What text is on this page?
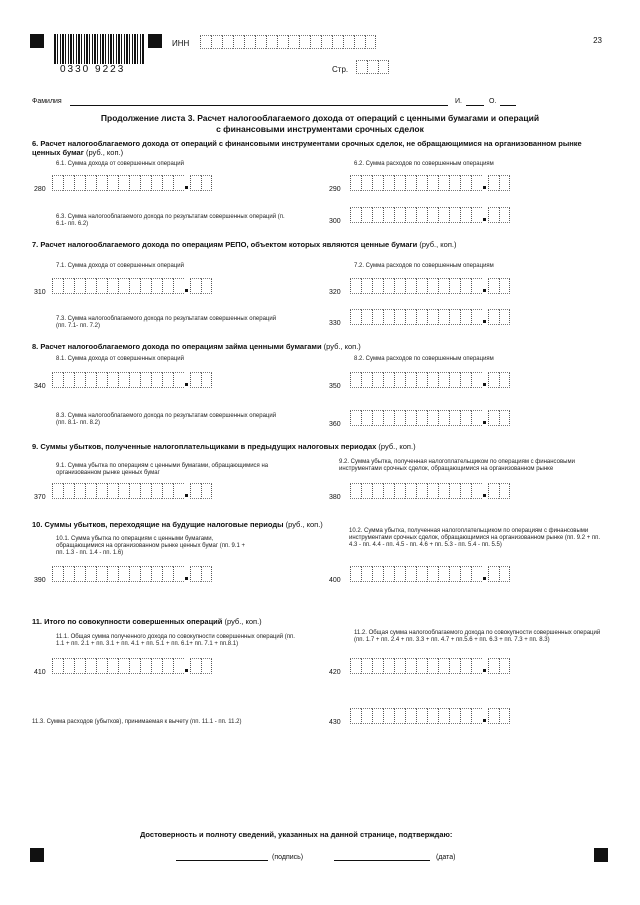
0330 9223
ИНН
Стр.
23
Фамилия	И.	О.
Продолжение листа 3. Расчет налогооблагаемого дохода от операций с ценными бумагами и операций с финансовыми инструментами срочных сделок
6. Расчет налогооблагаемого дохода от операций с финансовыми инструментами срочных сделок, не обращающимися на организованном рынке ценных бумаг (руб., коп.)
6.1. Сумма дохода от совершенных операций	6.2. Сумма расходов по совершенным операциям
280	290
6.3. Сумма налогооблагаемого дохода по результатам совершенных операций (п. 6.1- пп. 6.2)	300
7. Расчет налогооблагаемого дохода по операциям РЕПО, объектом которых являются ценные бумаги (руб., коп.)
7.1. Сумма дохода от совершенных операций	7.2. Сумма расходов по совершенным операциям
310	320
7.3. Сумма налогооблагаемого дохода по результатам совершенных операций (пп. 7.1- пп. 7.2)	330
8. Расчет налогооблагаемого дохода по операциям займа ценными бумагами (руб., коп.)
8.1. Сумма дохода от совершенных операций	8.2. Сумма расходов по совершенным операциям
340	350
8.3. Сумма налогооблагаемого дохода по результатам совершенных операций (пп. 8.1- пп. 8.2)	360
9. Суммы убытков, полученные налогоплательщиками в предыдущих налоговых периодах (руб., коп.)
9.1. Сумма убытка по операциям с ценными бумагами, обращающимися на организованном рынке ценных бумаг
9.2. Сумма убытка, полученная налогоплательщиком по операциям с финансовыми инструментами срочных сделок, обращающимися на организованном рынке
370	380
10. Суммы убытков, переходящие на будущие налоговые периоды (руб., коп.)
10.1. Сумма убытка по операциям с ценными бумагами, обращающимися на организованном рынке ценных бумаг (пп. 9.1 + пп. 1.3 - пп. 1.4 - пп. 1.6)
10.2. Сумма убытка, полученная налогоплательщиком по операциям с финансовыми инструментами срочных сделок, обращающимися на организованном рынке (пп. 9.2 + пп. 4.3 - пп. 4.4 - пп. 4.5 - пп. 4.6 + пп. 5.3 - пп. 5.4 - пп. 5.5)
390	400
11. Итого по совокупности совершенных операций (руб., коп.)
11.1. Общая сумма полученного дохода по совокупности совершенных операций (пп. 1.1 + пп. 2.1 + пп. 3.1 + пп. 4.1 + пп. 5.1 + пп. 6.1+ пп. 7.1 + пп.8.1)
11.2. Общая сумма налогооблагаемого дохода по совокупности совершенных операций (пп. 1.7 + пп. 2.4 + пп. 3.3 + пп. 4.7 + пп.5.6 + пп. 6.3 + пп. 7.3 + пп. 8.3)
410	420
11.3. Сумма расходов (убытков), принимаемая к вычету (пп. 11.1 - пп. 11.2)	430
Достоверность и полноту сведений, указанных на данной странице, подтверждаю:
(подпись)	(дата)
